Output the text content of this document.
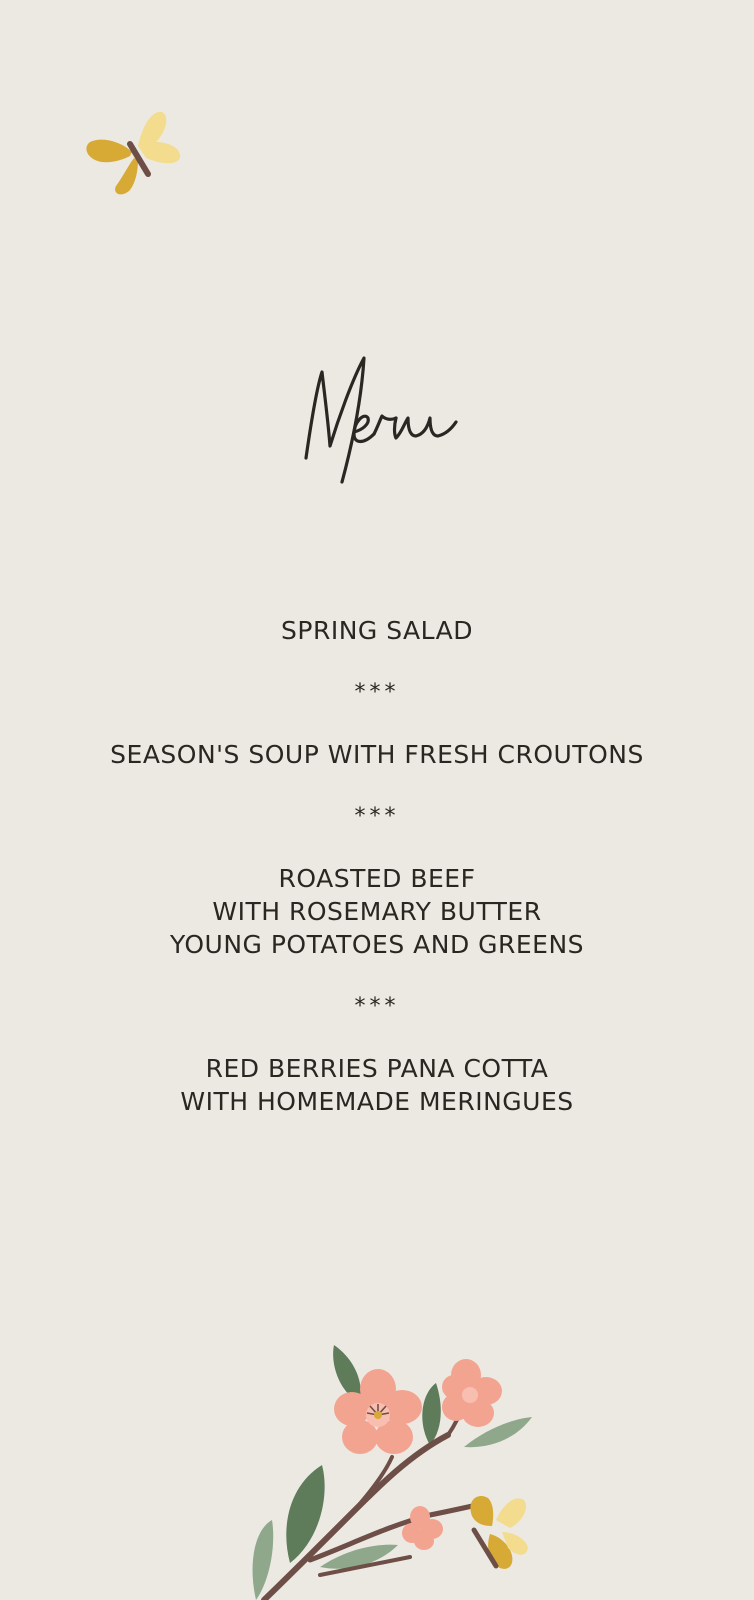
SPRING SALAD
***
SEASON'S SOUP WITH FRESH CROUTONS
***
ROASTED BEEF
WITH ROSEMARY BUTTER
YOUNG POTATOES AND GREENS
***
RED BERRIES PANA COTTA
WITH HOMEMADE MERINGUES
